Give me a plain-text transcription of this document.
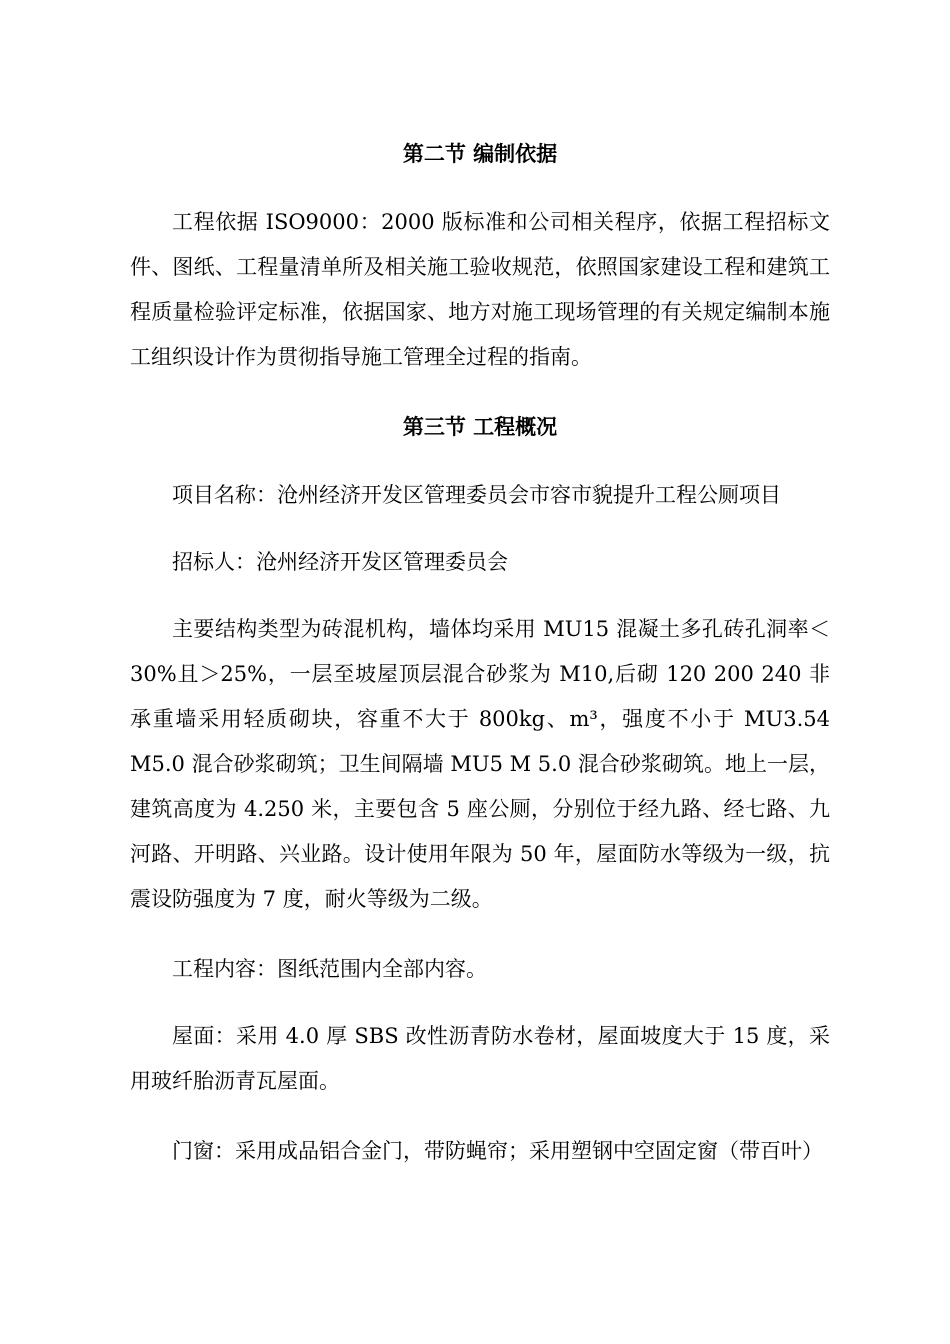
第二节 编制依据

工程依据 ISO9000：2000 版标准和公司相关程序，依据工程招标文件、图纸、工程量清单所及相关施工验收规范，依照国家建设工程和建筑工程质量检验评定标准，依据国家、地方对施工现场管理的有关规定编制本施工组织设计作为贯彻指导施工管理全过程的指南。

第三节 工程概况

项目名称：沧州经济开发区管理委员会市容市貌提升工程公厕项目

招标人：沧州经济开发区管理委员会

主要结构类型为砖混机构，墙体均采用 MU15 混凝土多孔砖孔洞率＜30%且＞25%，一层至坡屋顶层混合砂浆为 M10,后砌 120 200 240 非承重墙采用轻质砌块，容重不大于 800kg、m³，强度不小于 MU3.54 M5.0 混合砂浆砌筑；卫生间隔墙 MU5 M 5.0 混合砂浆砌筑。地上一层，建筑高度为 4.250 米，主要包含 5 座公厕，分别位于经九路、经七路、九河路、开明路、兴业路。设计使用年限为 50 年，屋面防水等级为一级，抗震设防强度为 7 度，耐火等级为二级。

工程内容：图纸范围内全部内容。

屋面：采用 4.0 厚 SBS 改性沥青防水卷材，屋面坡度大于 15 度，采用玻纤胎沥青瓦屋面。

门窗：采用成品铝合金门，带防蝇帘；采用塑钢中空固定窗（带百叶）
